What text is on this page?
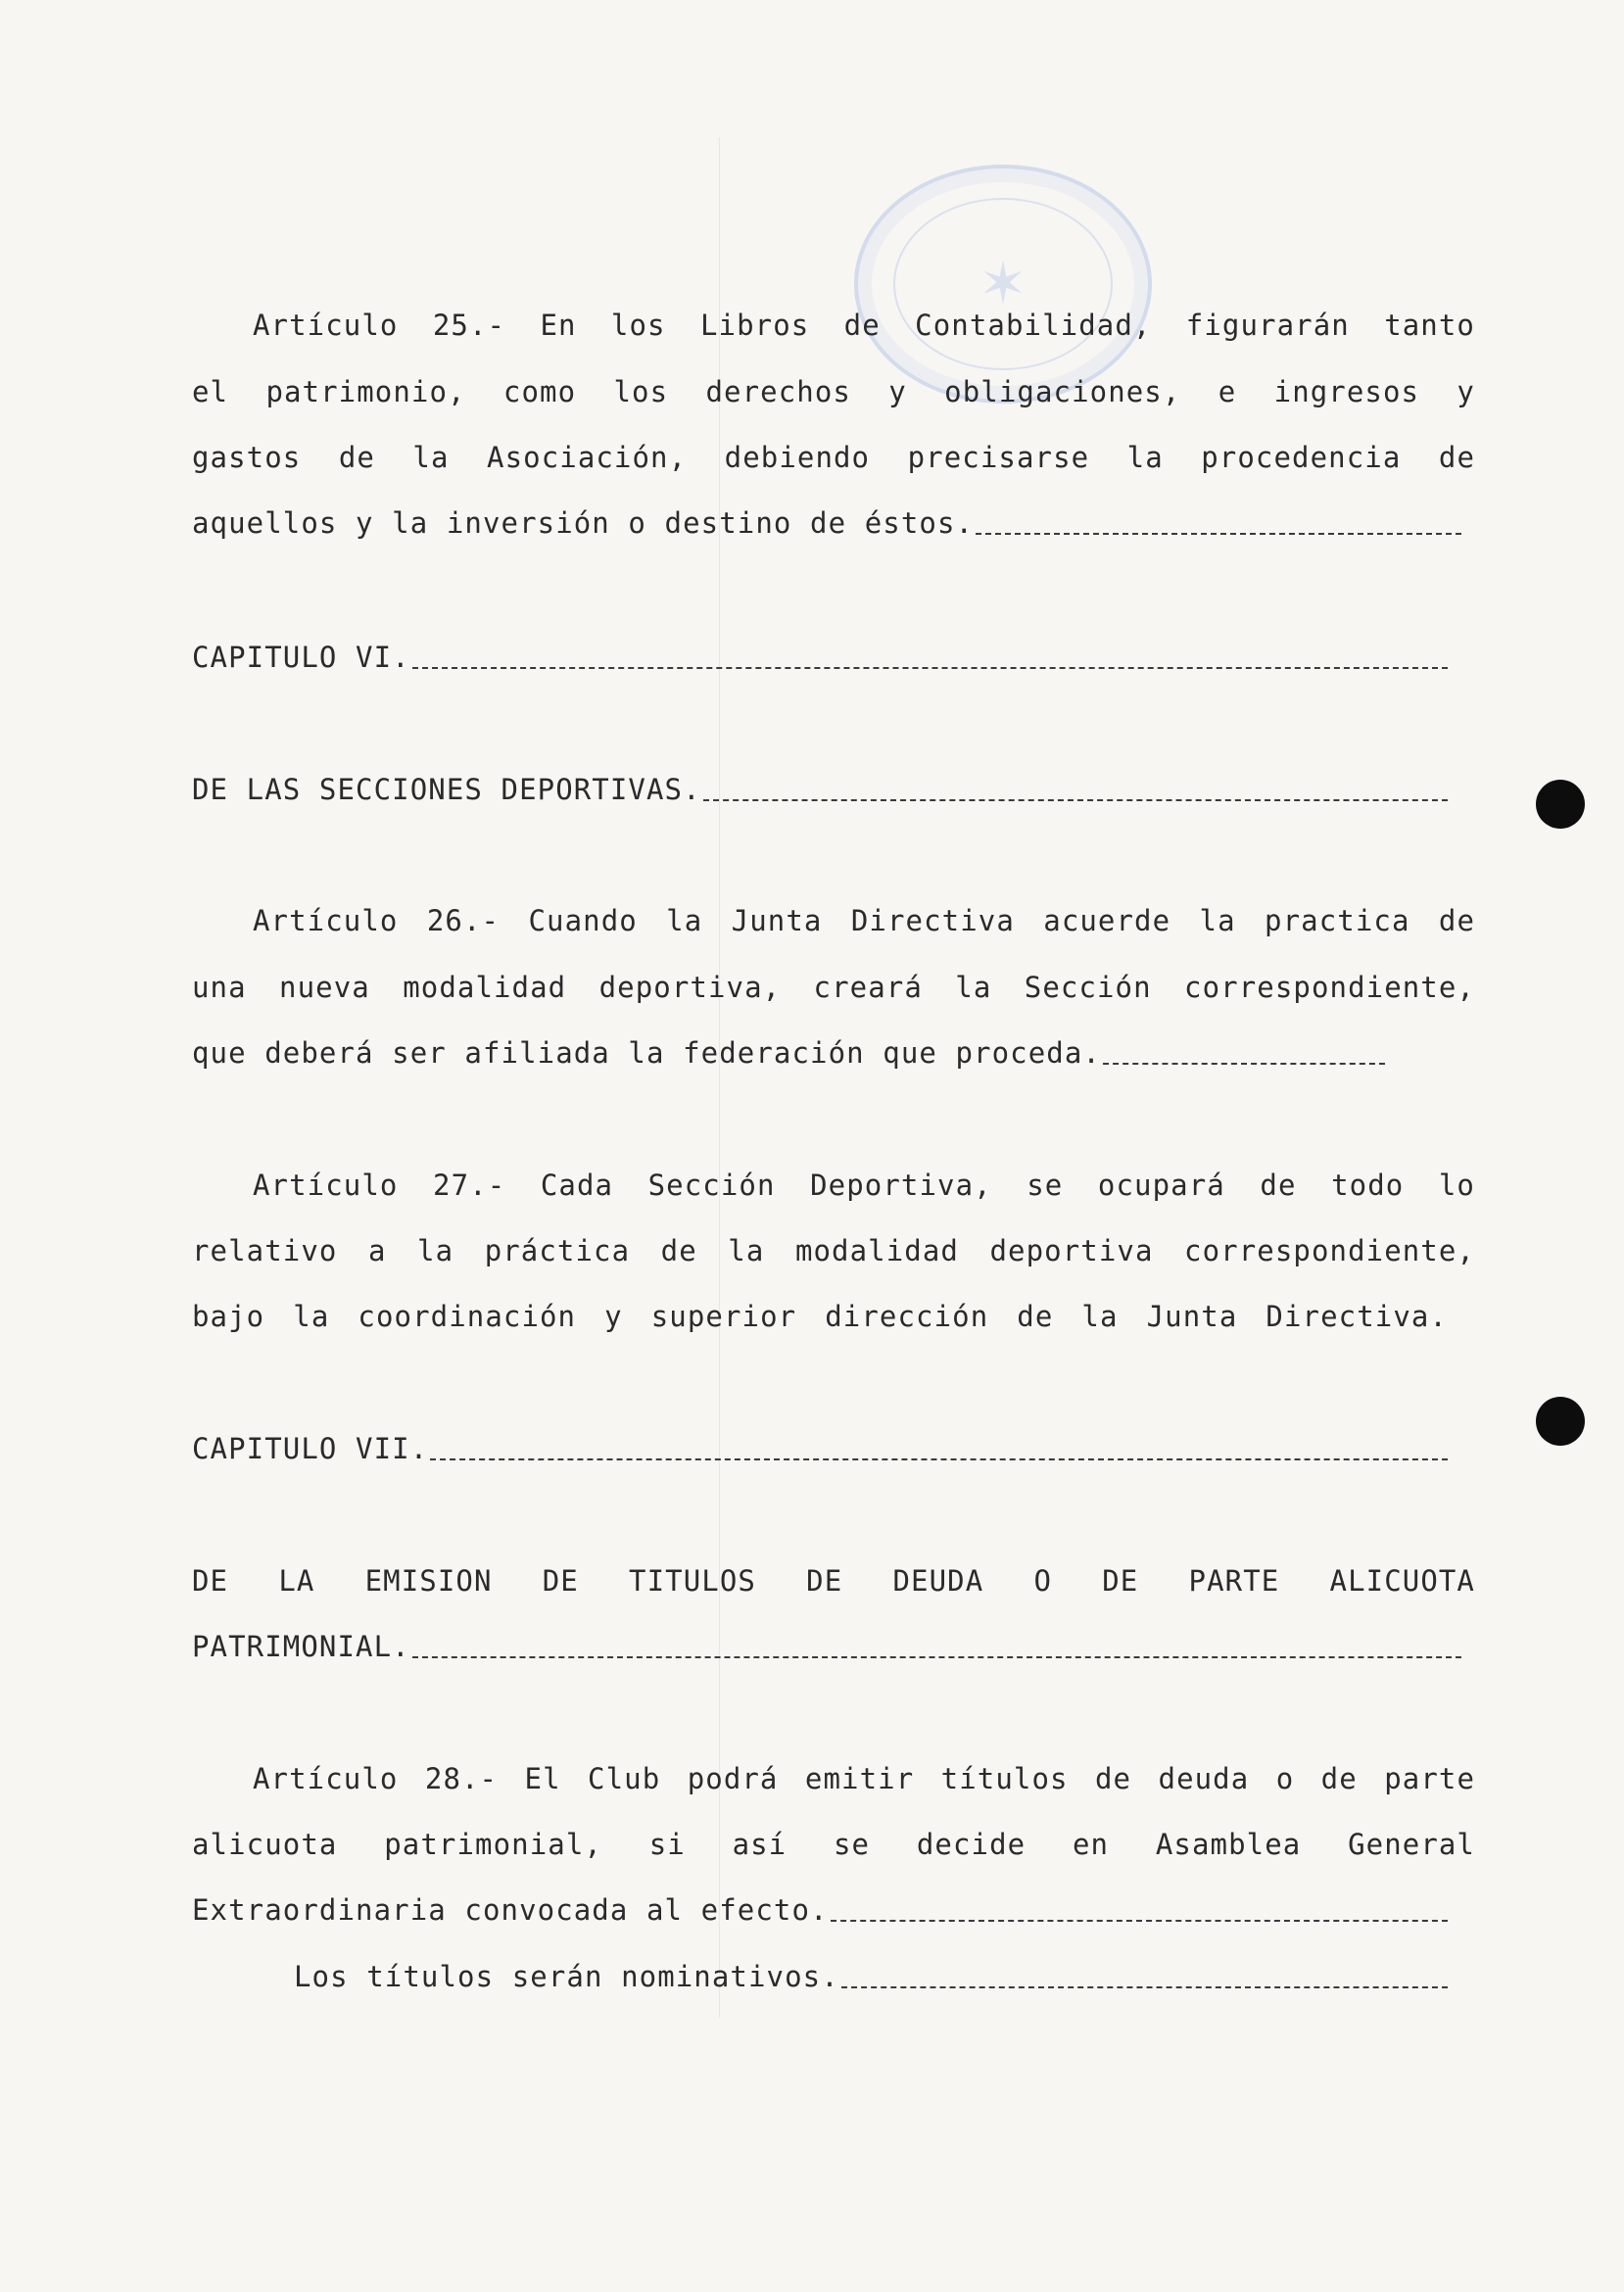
✶
Artículo 25.- En los Libros de Contabilidad, figurarán tanto
el patrimonio, como los derechos y obligaciones, e ingresos y
gastos de la Asociación, debiendo precisarse la procedencia de
aquellos y la inversión o destino de éstos.
CAPITULO VI.
DE LAS SECCIONES DEPORTIVAS.
Artículo 26.- Cuando la Junta Directiva acuerde la practica de
una nueva modalidad deportiva, creará la Sección correspondiente,
que deberá ser afiliada la federación que proceda.
Artículo 27.- Cada Sección Deportiva, se ocupará de todo lo
relativo a la práctica de la modalidad deportiva correspondiente,
bajo la coordinación y superior dirección de la Junta Directiva.
CAPITULO VII.
DE LA EMISION DE TITULOS DE DEUDA O DE PARTE ALICUOTA
PATRIMONIAL.
Artículo 28.- El Club podrá emitir títulos de deuda o de parte
alicuota patrimonial, si así se decide en Asamblea General
Extraordinaria convocada al efecto.
Los títulos serán nominativos.
